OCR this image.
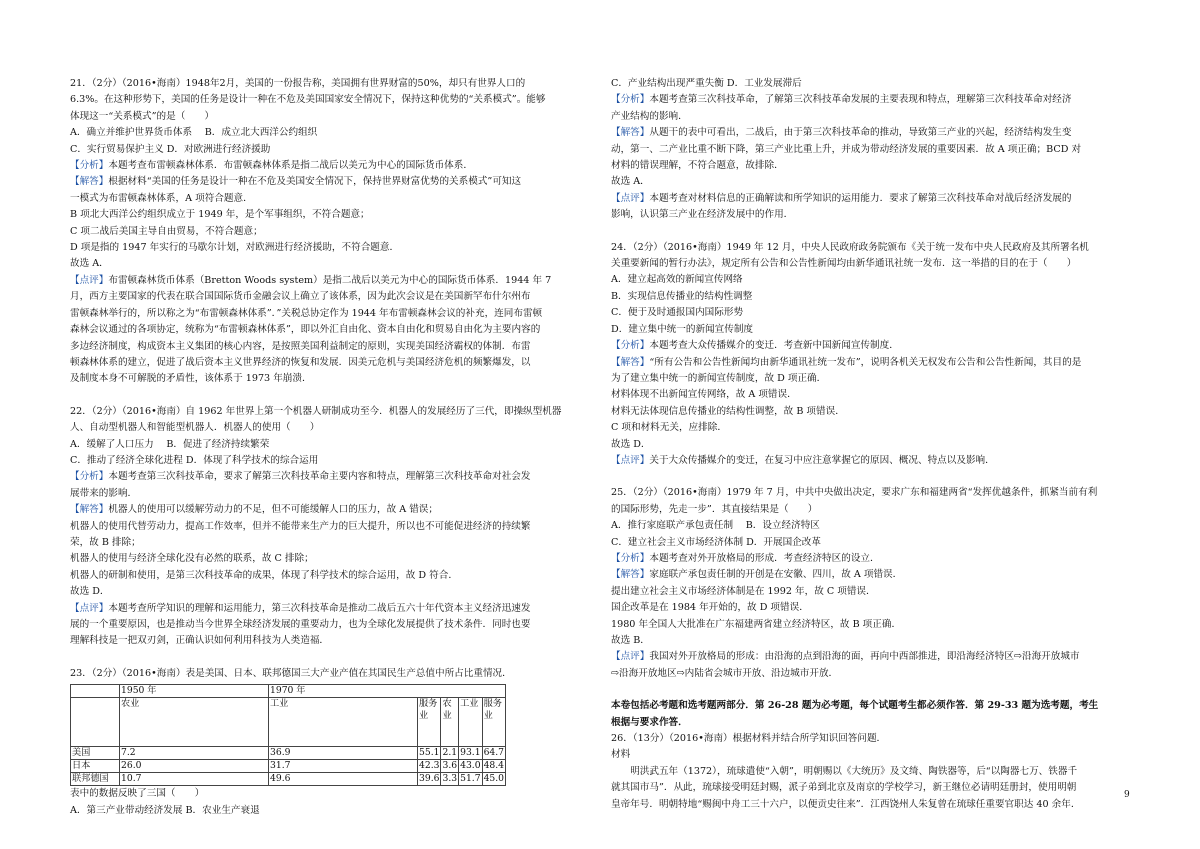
21．（2分）（2016•海南）1948年2月，美国的一份报告称，美国拥有世界财富的50%，却只有世界人口的

6.3%。在这种形势下，美国的任务是设计一种在不危及美国国家安全情况下，保持这种优势的“关系模式”。能够

体现这一“关系模式”的是（　　）

A．确立并维护世界货币体系　 B．成立北大西洋公约组织

C．实行贸易保护主义 D．对欧洲进行经济援助

【分析】本题考查布雷顿森林体系．布雷顿森林体系是指二战后以美元为中心的国际货币体系．

【解答】根据材料“美国的任务是设计一种在不危及美国安全情况下，保持世界财富优势的关系模式”可知这

一模式为布雷顿森林体系，A 项符合题意．

B 项北大西洋公约组织成立于 1949 年，是个军事组织，不符合题意；

C 项二战后美国主导自由贸易，不符合题意；

D 项是指的 1947 年实行的马歇尔计划，对欧洲进行经济援助，不符合题意．

故选 A．

【点评】布雷顿森林货币体系（Bretton Woods system）是指二战后以美元为中心的国际货币体系．1944 年 7

月，西方主要国家的代表在联合国国际货币金融会议上确立了该体系，因为此次会议是在美国新罕布什尔州布

雷顿森林举行的，所以称之为“布雷顿森林体系”．”关税总协定作为 1944 年布雷顿森林会议的补充，连同布雷顿

森林会议通过的各项协定，统称为“布雷顿森林体系”，即以外汇自由化、资本自由化和贸易自由化为主要内容的

多边经济制度，构成资本主义集团的核心内容，是按照美国利益制定的原则，实现美国经济霸权的体制．布雷

顿森林体系的建立，促进了战后资本主义世界经济的恢复和发展．因美元危机与美国经济危机的频繁爆发，以

及制度本身不可解脱的矛盾性，该体系于 1973 年崩溃．

22．（2分）（2016•海南）自 1962 年世界上第一个机器人研制成功至今．机器人的发展经历了三代，即操纵型机器

人、自动型机器人和智能型机器人．机器人的使用（　　）

A．缓解了人口压力　 B．促进了经济持续繁荣

C．推动了经济全球化进程 D．体现了科学技术的综合运用

【分析】本题考查第三次科技革命，要求了解第三次科技革命主要内容和特点，理解第三次科技革命对社会发

展带来的影响．

【解答】机器人的使用可以缓解劳动力的不足，但不可能缓解人口的压力，故 A 错误；

机器人的使用代替劳动力，提高工作效率，但并不能带来生产力的巨大提升，所以也不可能促进经济的持续繁

荣，故 B 排除；

机器人的使用与经济全球化没有必然的联系，故 C 排除；

机器人的研制和使用，是第三次科技革命的成果，体现了科学技术的综合运用，故 D 符合．

故选 D．

【点评】本题考查所学知识的理解和运用能力，第三次科技革命是推动二战后五六十年代资本主义经济迅速发

展的一个重要原因，也是推动当今世界全球经济发展的重要动力，也为全球化发展提供了技术条件．同时也要

理解科技是一把双刃剑，正确认识如何利用科技为人类造福．

23．（2分）（2016•海南）表是美国、日本、联邦德国三大产业产值在其国民生产总值中所占比重情况．

	1950 年	1970 年				
	农业	工业	服务业	农业	工业	服务业
美国	7.2	36.9	55.1	2.1	93.1	64.7
日本	26.0	31.7	42.3	3.6	43.0	48.4
联邦德国	10.7	49.6	39.6	3.3	51.7	45.0

表中的数据反映了三国（　　）

A．第三产业带动经济发展 B．农业生产衰退

C．产业结构出现严重失衡 D．工业发展滞后

【分析】本题考查第三次科技革命，了解第三次科技革命发展的主要表现和特点，理解第三次科技革命对经济

产业结构的影响．

【解答】从题干的表中可看出，二战后，由于第三次科技革命的推动，导致第三产业的兴起，经济结构发生变

动，第一、二产业比重不断下降，第三产业比重上升，并成为带动经济发展的重要因素．故 A 项正确；BCD 对

材料的错误理解，不符合题意，故排除．

故选 A．

【点评】本题考查对材料信息的正确解读和所学知识的运用能力．要求了解第三次科技革命对战后经济发展的

影响，认识第三产业在经济发展中的作用．

24．（2分）（2016•海南）1949 年 12 月，中央人民政府政务院颁布《关于统一发布中央人民政府及其所署名机

关重要新闻的暂行办法》，规定所有公告和公告性新闻均由新华通讯社统一发布．这一举措的目的在于（　　）

A．建立起高效的新闻宣传网络

B．实现信息传播业的结构性调整

C．便于及时通报国内国际形势

D．建立集中统一的新闻宣传制度

【分析】本题考查大众传播媒介的变迁．考查新中国新闻宣传制度．

【解答】“所有公告和公告性新闻均由新华通讯社统一发布”，说明各机关无权发布公告和公告性新闻，其目的是

为了建立集中统一的新闻宣传制度，故 D 项正确．

材料体现不出新闻宣传网络，故 A 项错误．

材料无法体现信息传播业的结构性调整，故 B 项错误．

C 项和材料无关，应排除．

故选 D．

【点评】关于大众传播媒介的变迁，在复习中应注意掌握它的原因、概况、特点以及影响．

25．（2分）（2016•海南）1979 年 7 月，中共中央做出决定，要求广东和福建两省“发挥优越条件，抓紧当前有利

的国际形势，先走一步”．其直接结果是（　　）

A．推行家庭联产承包责任制　 B．设立经济特区

C．建立社会主义市场经济体制 D．开展国企改革

【分析】本题考查对外开放格局的形成．考查经济特区的设立．

【解答】家庭联产承包责任制的开创是在安徽、四川，故 A 项错误．

提出建立社会主义市场经济体制是在 1992 年，故 C 项错误．

国企改革是在 1984 年开始的，故 D 项错误．

1980 年全国人大批准在广东福建两省建立经济特区，故 B 项正确．

故选 B．

【点评】我国对外开放格局的形成：由沿海的点到沿海的面，再向中西部推进，即沿海经济特区⇨沿海开放城市

⇨沿海开放地区⇨内陆省会城市开放、沿边城市开放．

本卷包括必考题和选考题两部分．第 26-28 题为必考题，每个试题考生都必须作答．第 29-33 题为选考题，考生

根据与要求作答．

26．（13分）（2016•海南）根据材料并结合所学知识回答问题．

材料

明洪武五年（1372），琉球遣使“入朝”，明朝赐以《大统历》及文绮、陶铁器等，后“以陶器七万、铁器千

就其国市马”．从此，琉球接受明廷封赐，派子弟到北京及南京的学校学习，新王继位必请明廷册封，使用明朝

皇帝年号．明朝特地“赐闽中舟工三十六户，以便贡史往来”．江西饶州人朱复曾在琉球任重要官职达 40 余年．

9
